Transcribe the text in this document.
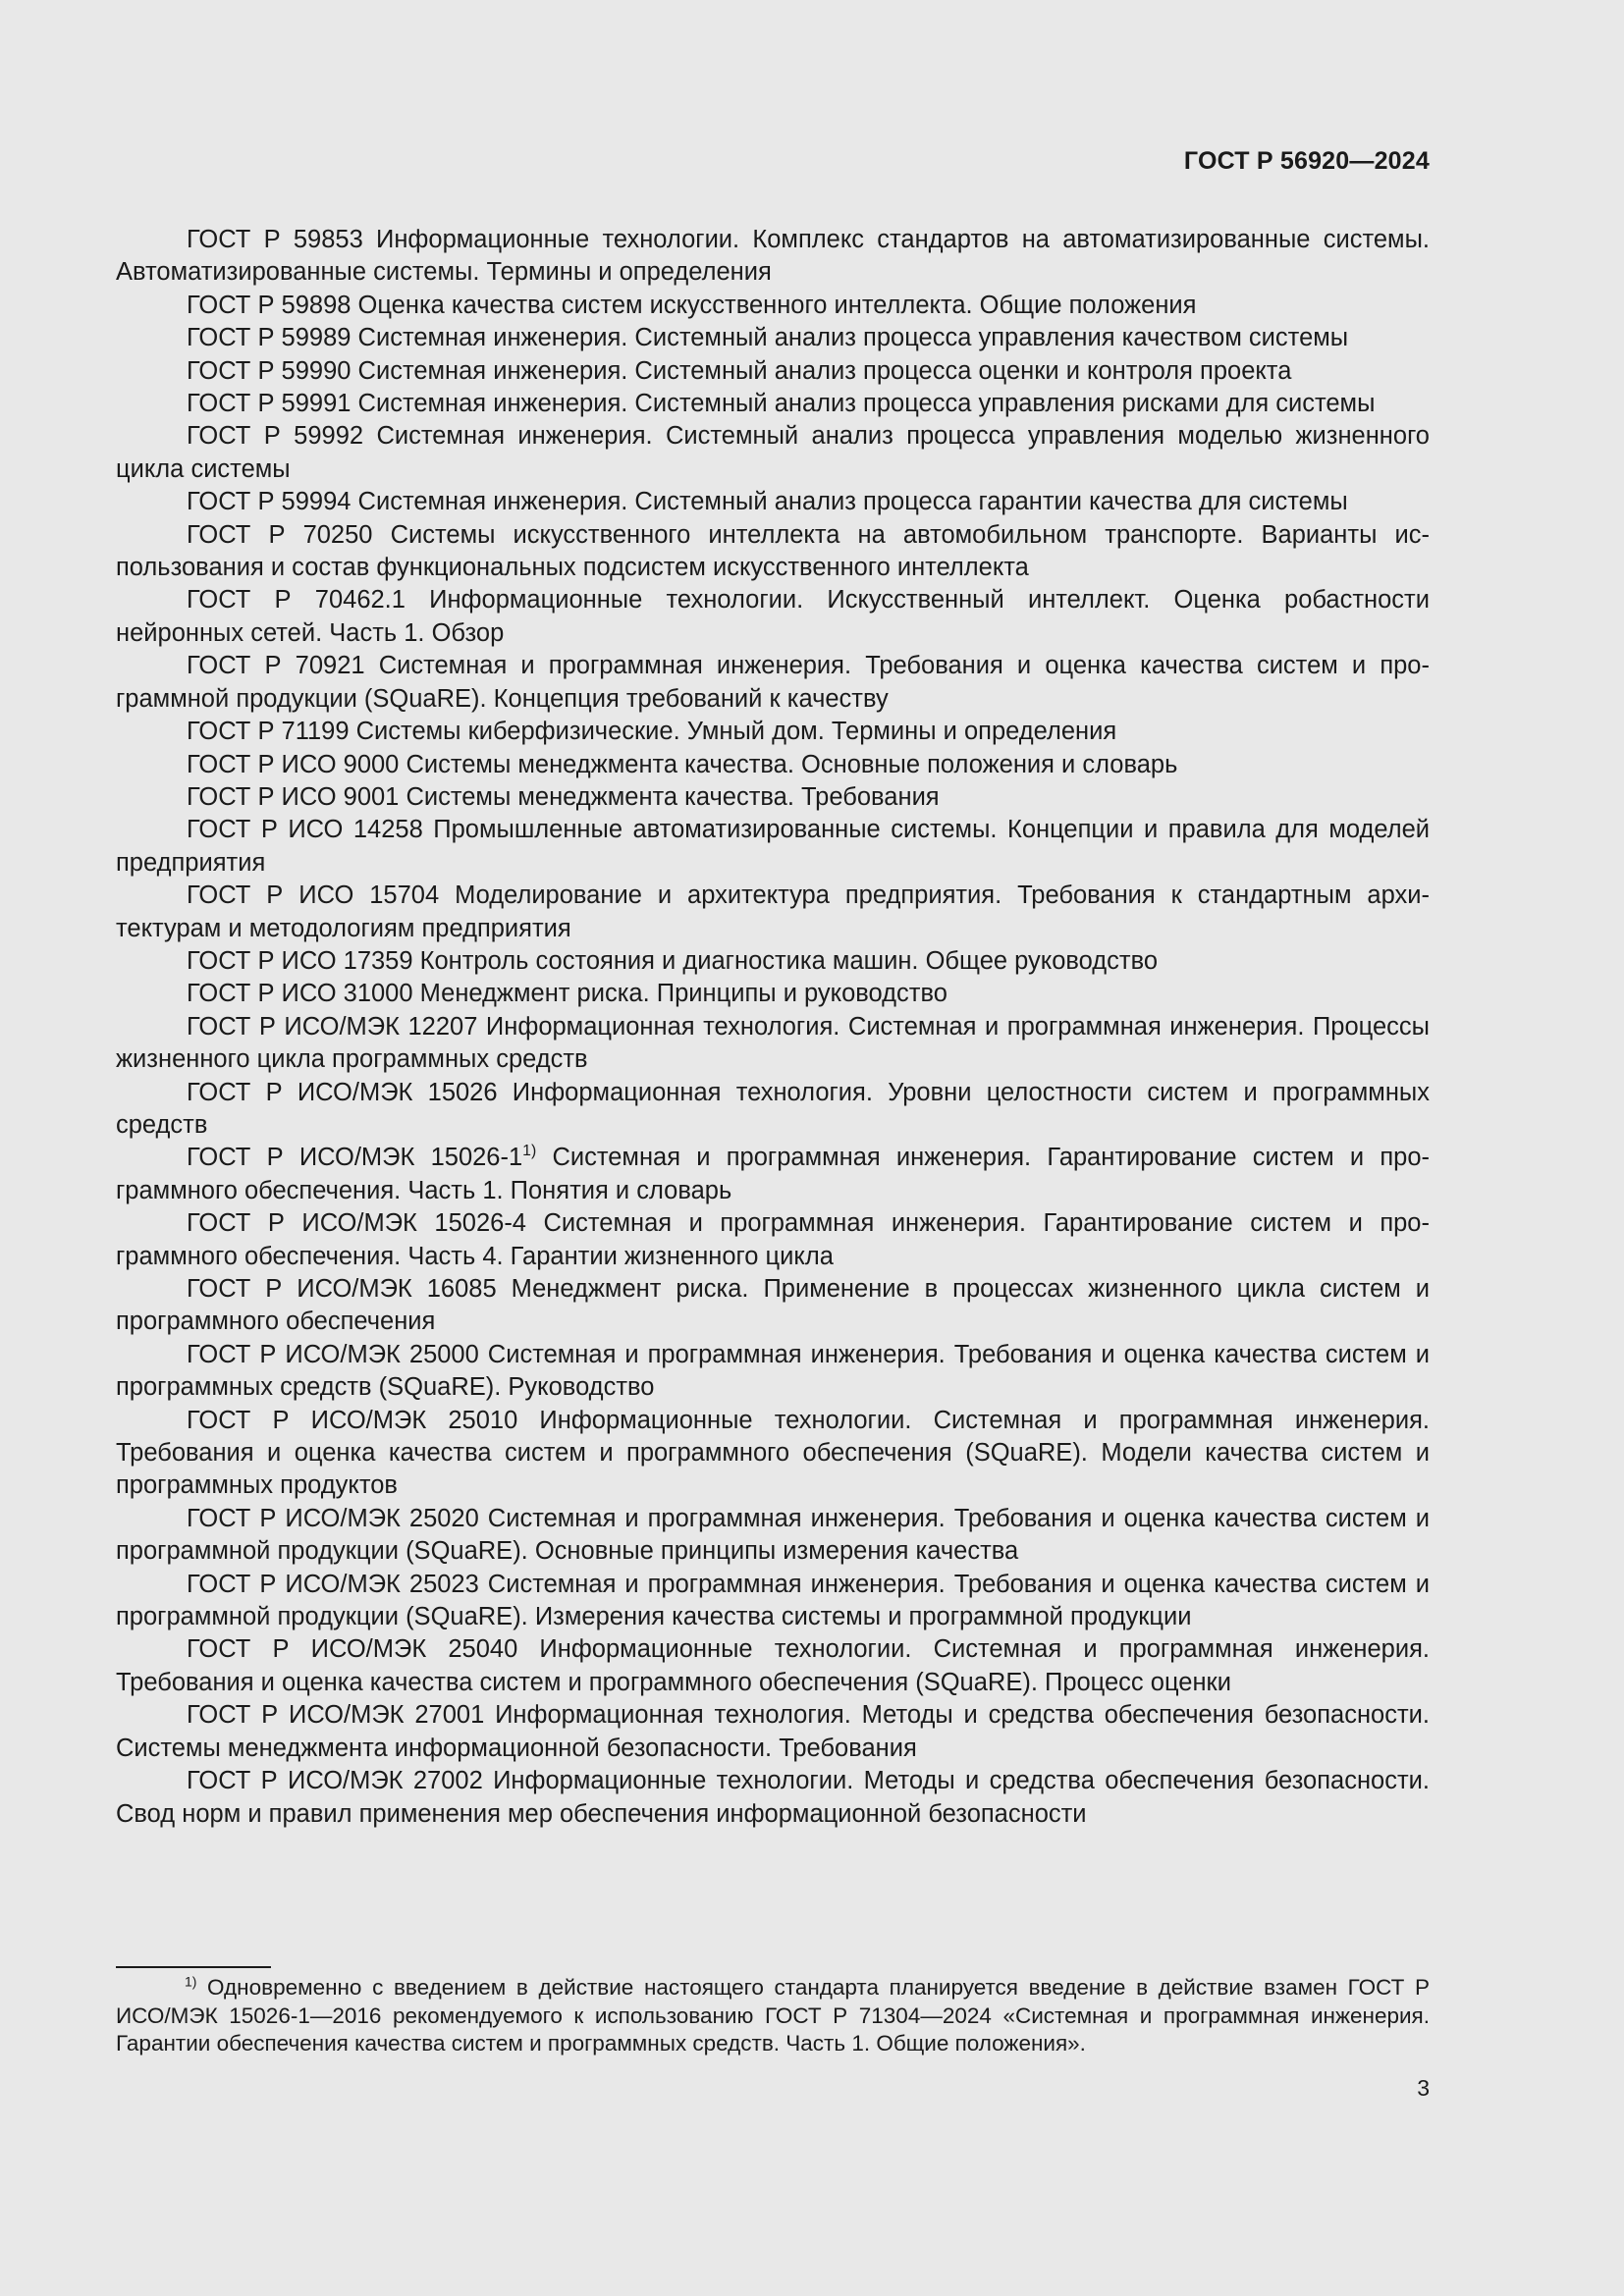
ГОСТ Р 56920—2024
ГОСТ Р 59853 Информационные технологии. Комплекс стандартов на автоматизированные системы. Автоматизированные системы. Термины и определения
ГОСТ Р 59898 Оценка качества систем искусственного интеллекта. Общие положения
ГОСТ Р 59989 Системная инженерия. Системный анализ процесса управления качеством системы
ГОСТ Р 59990 Системная инженерия. Системный анализ процесса оценки и контроля проекта
ГОСТ Р 59991 Системная инженерия. Системный анализ процесса управления рисками для системы
ГОСТ Р 59992 Системная инженерия. Системный анализ процесса управления моделью жизненного цикла системы
ГОСТ Р 59994 Системная инженерия. Системный анализ процесса гарантии качества для системы
ГОСТ Р 70250 Системы искусственного интеллекта на автомобильном транспорте. Варианты использования и состав функциональных подсистем искусственного интеллекта
ГОСТ Р 70462.1 Информационные технологии. Искусственный интеллект. Оценка робастности нейронных сетей. Часть 1. Обзор
ГОСТ Р 70921 Системная и программная инженерия. Требования и оценка качества систем и программной продукции (SQuaRE). Концепция требований к качеству
ГОСТ Р 71199 Системы киберфизические. Умный дом. Термины и определения
ГОСТ Р ИСО 9000 Системы менеджмента качества. Основные положения и словарь
ГОСТ Р ИСО 9001 Системы менеджмента качества. Требования
ГОСТ Р ИСО 14258 Промышленные автоматизированные системы. Концепции и правила для моделей предприятия
ГОСТ Р ИСО 15704 Моделирование и архитектура предприятия. Требования к стандартным архитектурам и методологиям предприятия
ГОСТ Р ИСО 17359 Контроль состояния и диагностика машин. Общее руководство
ГОСТ Р ИСО 31000 Менеджмент риска. Принципы и руководство
ГОСТ Р ИСО/МЭК 12207 Информационная технология. Системная и программная инженерия. Процессы жизненного цикла программных средств
ГОСТ Р ИСО/МЭК 15026 Информационная технология. Уровни целостности систем и программных средств
ГОСТ Р ИСО/МЭК 15026-1$^{1)}$ Системная и программная инженерия. Гарантирование систем и программного обеспечения. Часть 1. Понятия и словарь
ГОСТ Р ИСО/МЭК 15026-4 Системная и программная инженерия. Гарантирование систем и программного обеспечения. Часть 4. Гарантии жизненного цикла
ГОСТ Р ИСО/МЭК 16085 Менеджмент риска. Применение в процессах жизненного цикла систем и программного обеспечения
ГОСТ Р ИСО/МЭК 25000 Системная и программная инженерия. Требования и оценка качества систем и программных средств (SQuaRE). Руководство
ГОСТ Р ИСО/МЭК 25010 Информационные технологии. Системная и программная инженерия. Требования и оценка качества систем и программного обеспечения (SQuaRE). Модели качества систем и программных продуктов
ГОСТ Р ИСО/МЭК 25020 Системная и программная инженерия. Требования и оценка качества систем и программной продукции (SQuaRE). Основные принципы измерения качества
ГОСТ Р ИСО/МЭК 25023 Системная и программная инженерия. Требования и оценка качества систем и программной продукции (SQuaRE). Измерения качества системы и программной продукции
ГОСТ Р ИСО/МЭК 25040 Информационные технологии. Системная и программная инженерия. Требования и оценка качества систем и программного обеспечения (SQuaRE). Процесс оценки
ГОСТ Р ИСО/МЭК 27001 Информационная технология. Методы и средства обеспечения безопасности. Системы менеджмента информационной безопасности. Требования
ГОСТ Р ИСО/МЭК 27002 Информационные технологии. Методы и средства обеспечения безопасности. Свод норм и правил применения мер обеспечения информационной безопасности

$^{1)}$ Одновременно с введением в действие настоящего стандарта планируется введение в действие взамен ГОСТ Р ИСО/МЭК 15026-1—2016 рекомендуемого к использованию ГОСТ Р 71304—2024 «Системная и программная инженерия. Гарантии обеспечения качества систем и программных средств. Часть 1. Общие положения».

3
